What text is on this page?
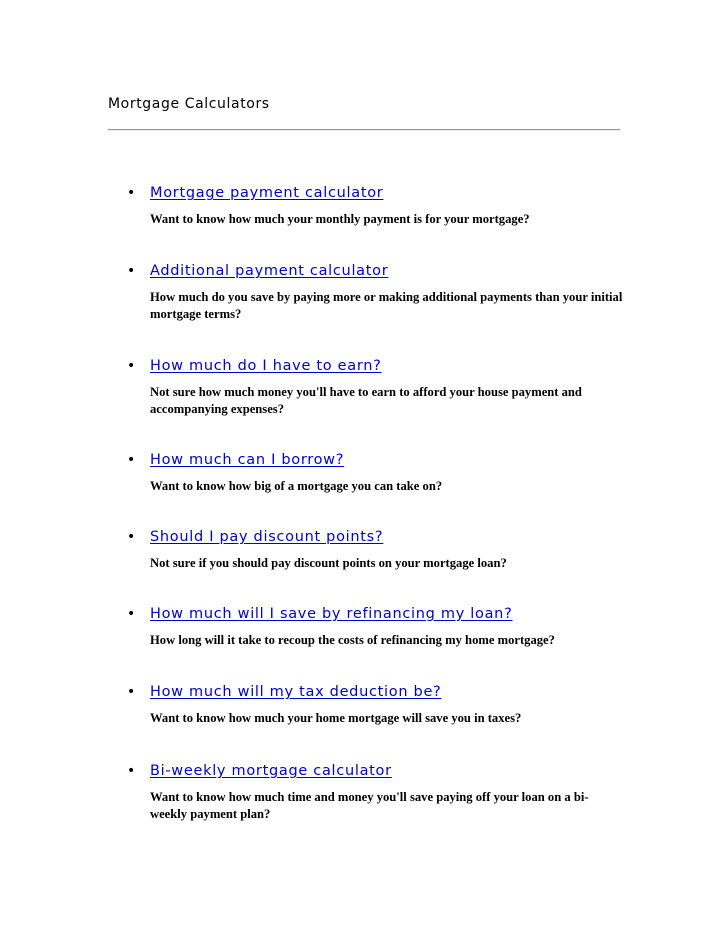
Mortgage Calculators
• Mortgage payment calculator
Want to know how much your monthly payment is for your mortgage?
• Additional payment calculator
How much do you save by paying more or making additional payments than your initial mortgage terms?
• How much do I have to earn?
Not sure how much money you'll have to earn to afford your house payment and accompanying expenses?
• How much can I borrow?
Want to know how big of a mortgage you can take on?
• Should I pay discount points?
Not sure if you should pay discount points on your mortgage loan?
• How much will I save by refinancing my loan?
How long will it take to recoup the costs of refinancing my home mortgage?
• How much will my tax deduction be?
Want to know how much your home mortgage will save you in taxes?
• Bi-weekly mortgage calculator
Want to know how much time and money you'll save paying off your loan on a bi-weekly payment plan?
